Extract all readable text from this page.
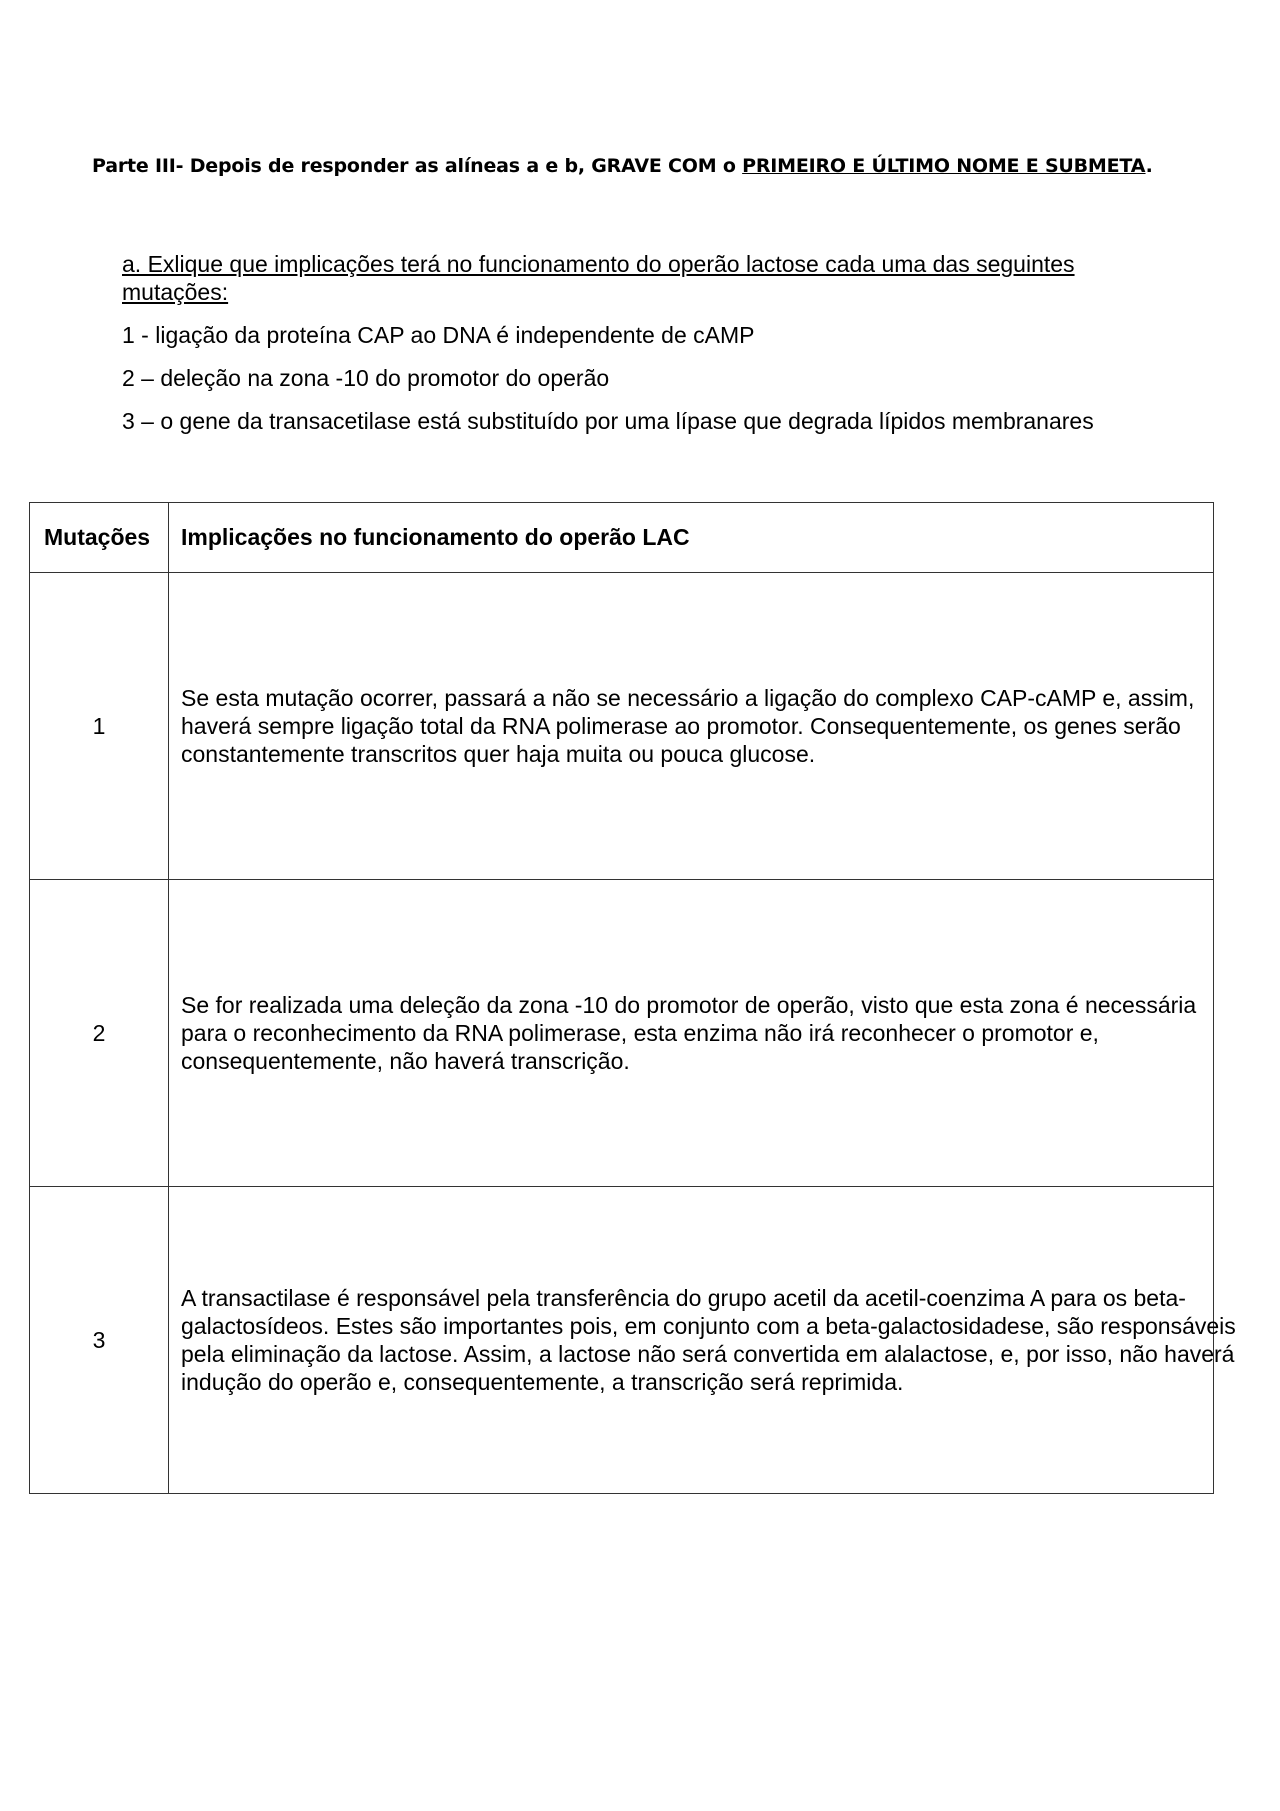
Parte III- Depois de responder as alíneas a e b, GRAVE COM o PRIMEIRO E ÚLTIMO NOME E SUBMETA.
a. Exlique que implicações terá no funcionamento do operão lactose cada uma das seguintes mutações:
1 - ligação da proteína CAP ao DNA é independente de cAMP
2 – deleção na zona -10 do promotor do operão
3 – o gene da transacetilase está substituído por uma lípase que degrada lípidos membranares
Mutações	Implicações no funcionamento do operão LAC
1	Se esta mutação ocorrer, passará a não se necessário a ligação do complexo CAP-cAMP e, assim, haverá sempre ligação total da RNA polimerase ao promotor. Consequentemente, os genes serão constantemente transcritos quer haja muita ou pouca glucose.

2	Se for realizada uma deleção da zona -10 do promotor de operão, visto que esta zona é necessária para o reconhecimento da RNA polimerase, esta enzima não irá reconhecer o promotor e, consequentemente, não haverá transcrição.

3	A transactilase é responsável pela transferência do grupo acetil da acetil-coenzima A para os beta-galactosídeos. Estes são importantes pois, em conjunto com a beta-galactosidadese, são responsáveis pela eliminação da lactose. Assim, a lactose não será convertida em alalactose, e, por isso, não haverá indução do operão e, consequentemente, a transcrição será reprimida.
